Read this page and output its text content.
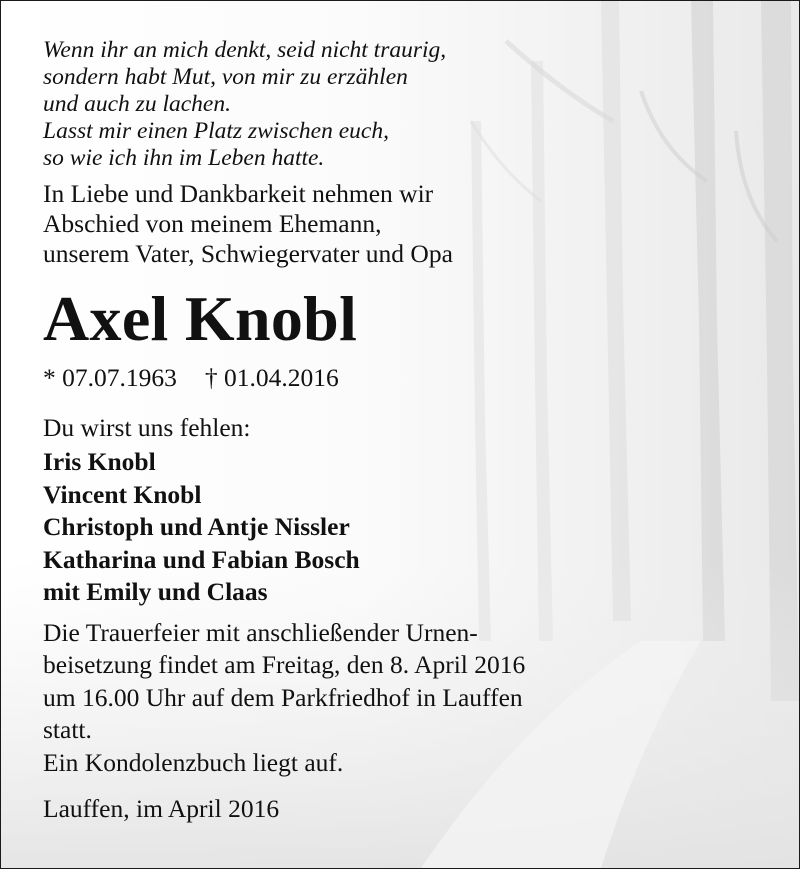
Wenn ihr an mich denkt, seid nicht traurig,
sondern habt Mut, von mir zu erzählen
und auch zu lachen.
Lasst mir einen Platz zwischen euch,
so wie ich ihn im Leben hatte.
In Liebe und Dankbarkeit nehmen wir
Abschied von meinem Ehemann,
unserem Vater, Schwiegervater und Opa
Axel Knobl
* 07.07.1963 † 01.04.2016
Du wirst uns fehlen:
Iris Knobl
Vincent Knobl
Christoph und Antje Nissler
Katharina und Fabian Bosch
mit Emily und Claas
Die Trauerfeier mit anschließender Urnen-
beisetzung findet am Freitag, den 8. April 2016
um 16.00 Uhr auf dem Parkfriedhof in Lauffen
statt.
Ein Kondolenzbuch liegt auf.
Lauffen, im April 2016
